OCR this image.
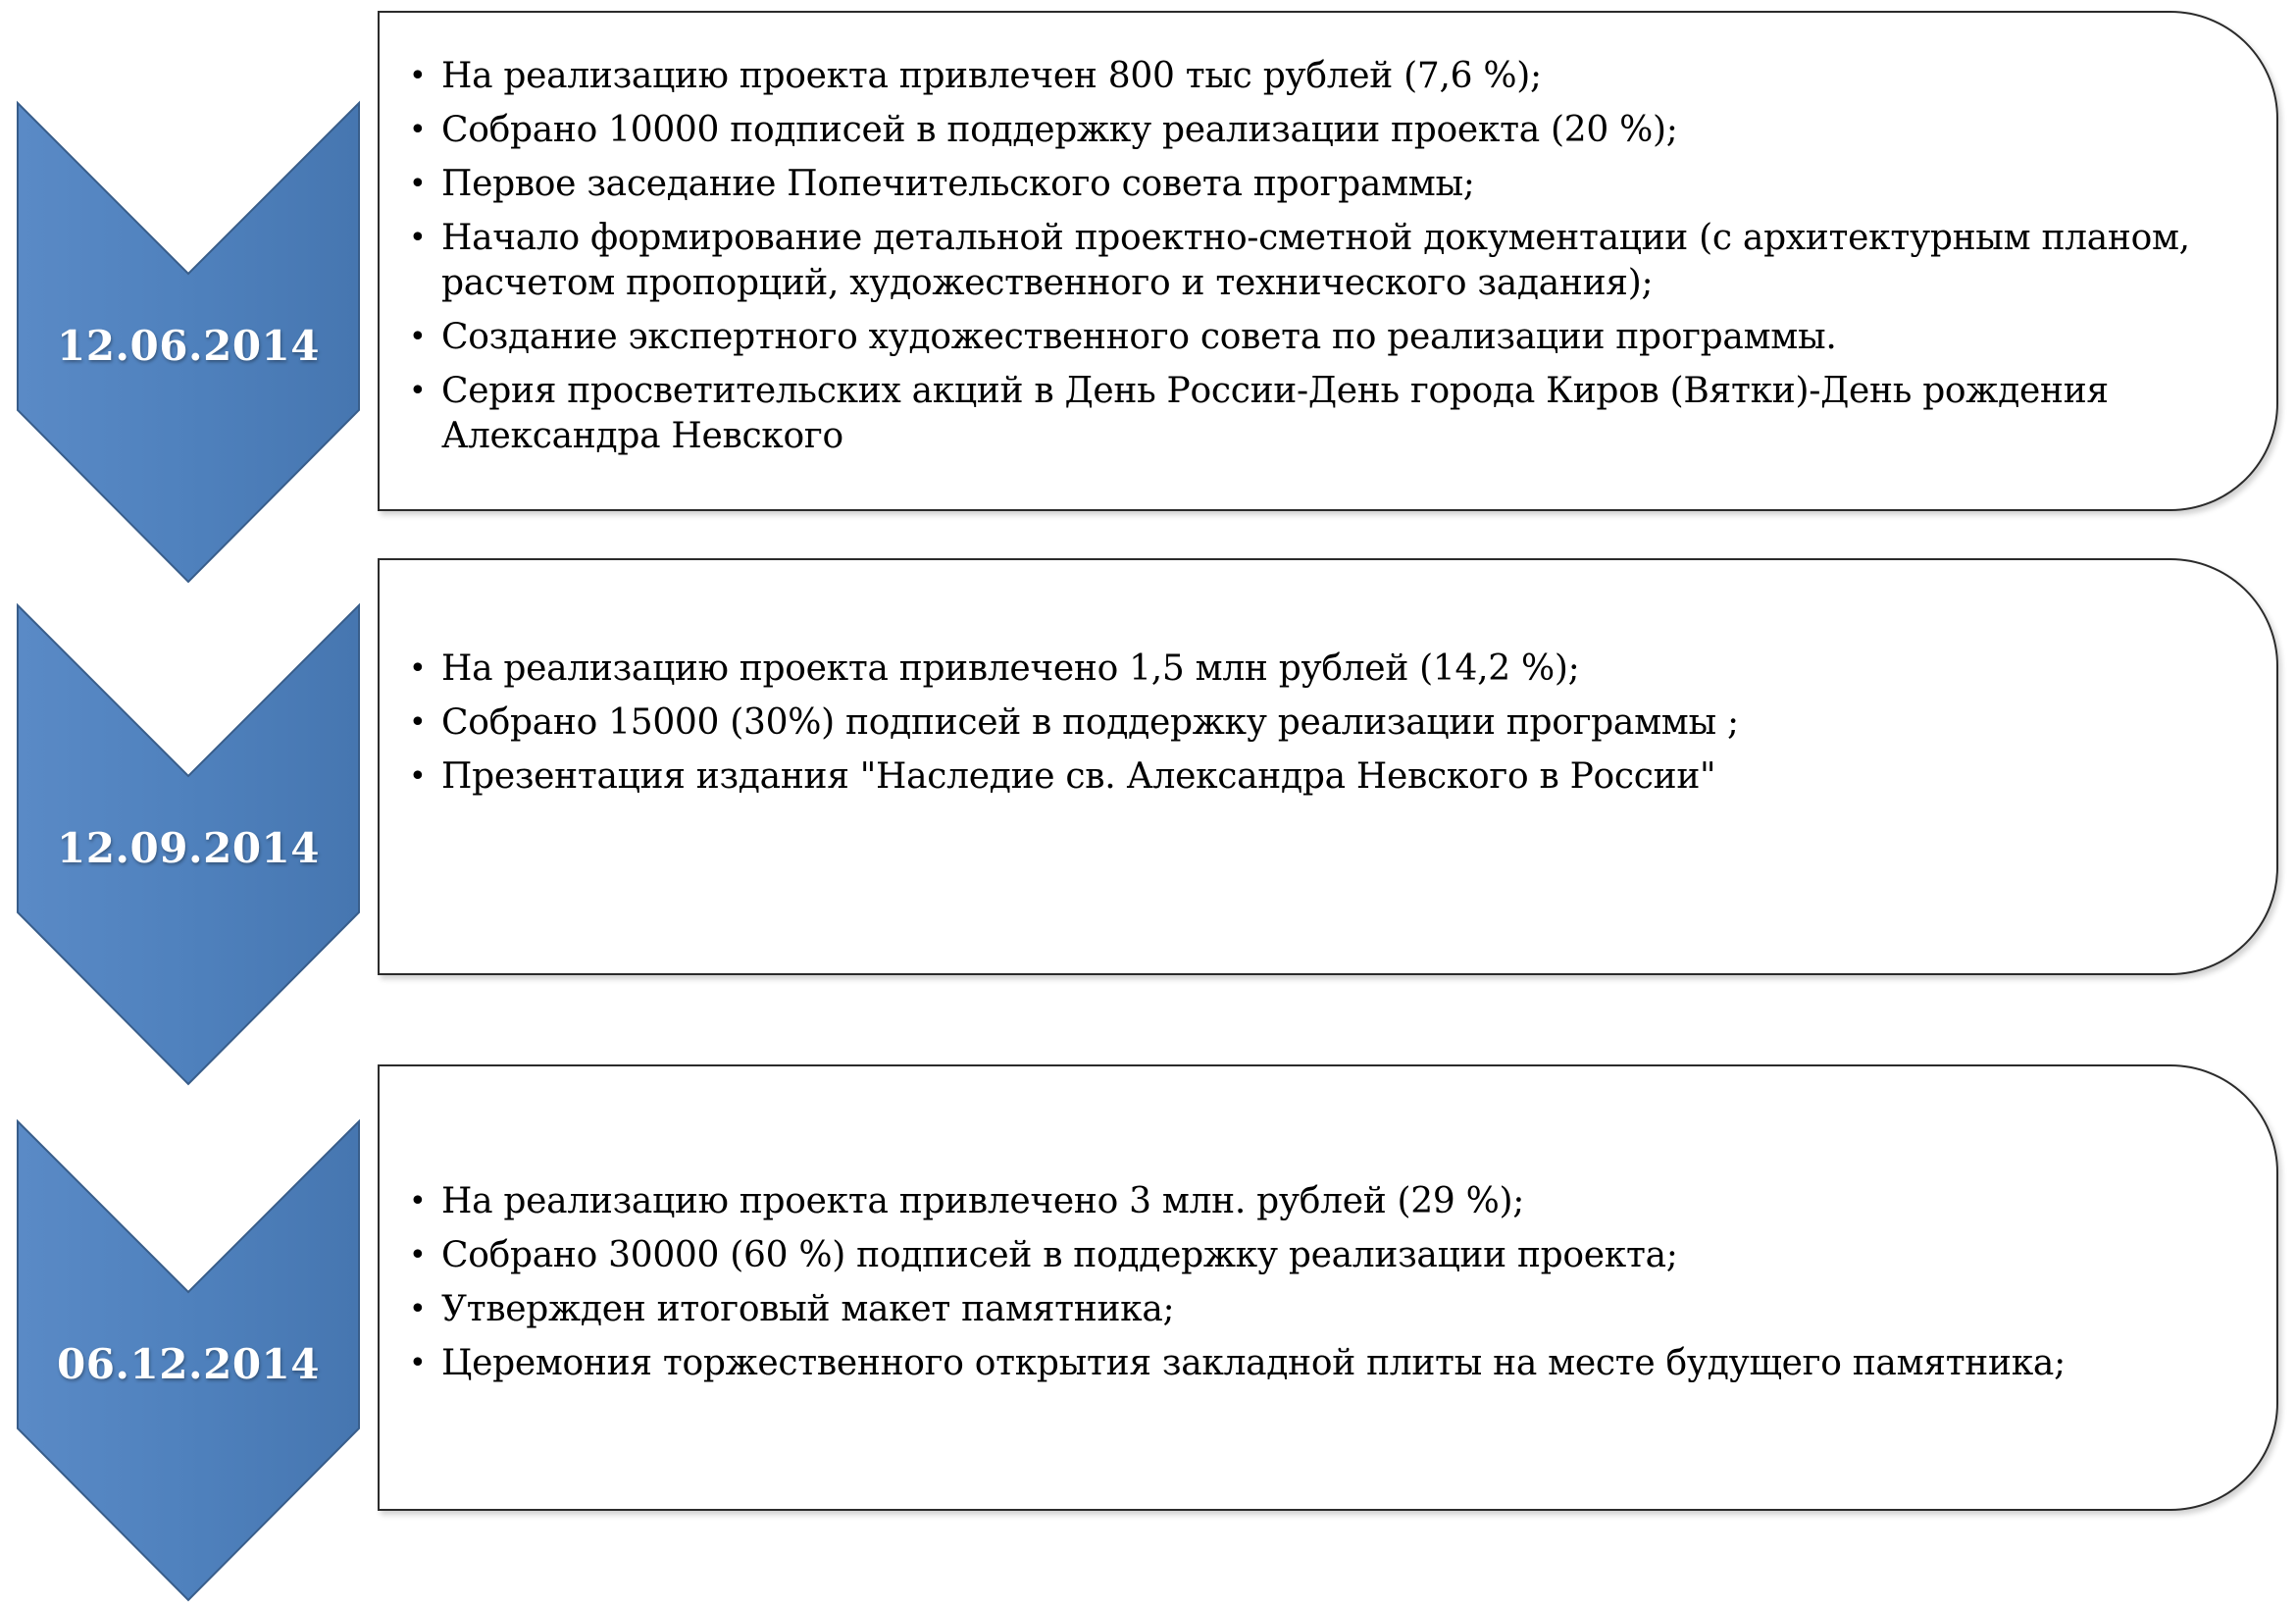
12.06.2014
• На реализацию проекта привлечен 800 тыс рублей (7,6 %);
• Собрано 10000 подписей в поддержку реализации проекта (20 %);
• Первое заседание Попечительского совета программы;
• Начало формирование детальной проектно-сметной документации (с архитектурным планом, расчетом пропорций, художественного и технического задания);
• Создание экспертного художественного совета по реализации программы.
• Серия просветительских акций в День России-День города Киров (Вятки)-День рождения Александра Невского
12.09.2014
• На реализацию проекта привлечено 1,5 млн рублей (14,2 %);
• Собрано 15000 (30%) подписей в поддержку реализации программы ;
• Презентация издания "Наследие св. Александра Невского в России"
06.12.2014
• На реализацию проекта привлечено 3 млн. рублей (29 %);
• Собрано 30000 (60 %) подписей в поддержку реализации проекта;
• Утвержден итоговый макет памятника;
• Церемония торжественного открытия закладной плиты на месте будущего памятника;
